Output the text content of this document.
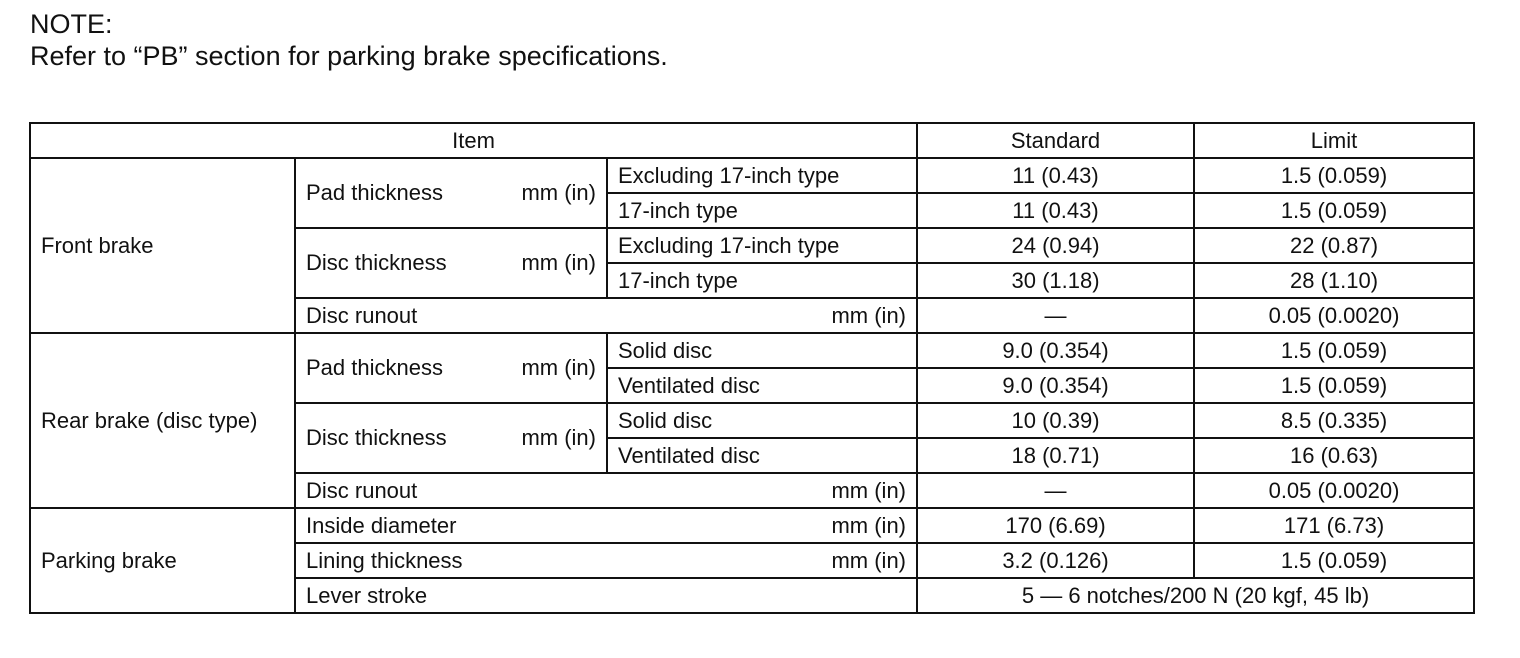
NOTE:
Refer to “PB” section for parking brake specifications.
Item			Standard	Limit
Front brake	Pad thickness mm (in)	Excluding 17-inch type	11 (0.43)	1.5 (0.059)
		17-inch type	11 (0.43)	1.5 (0.059)

	Disc thickness mm (in)	Excluding 17-inch type	24 (0.94)	22 (0.87)
		17-inch type	30 (1.18)	28 (1.10)

	Disc runout mm (in)		—	0.05 (0.0020)
Rear brake (disc type)	Pad thickness mm (in)	Solid disc	9.0 (0.354)	1.5 (0.059)
		Ventilated disc	9.0 (0.354)	1.5 (0.059)

	Disc thickness mm (in)	Solid disc	10 (0.39)	8.5 (0.335)
		Ventilated disc	18 (0.71)	16 (0.63)

	Disc runout mm (in)		—	0.05 (0.0020)
Parking brake	Inside diameter mm (in)		170 (6.69)	171 (6.73)

	Lining thickness mm (in)		3.2 (0.126)	1.5 (0.059)
	Lever stroke		5 — 6 notches/200 N (20 kgf, 45 lb)	
